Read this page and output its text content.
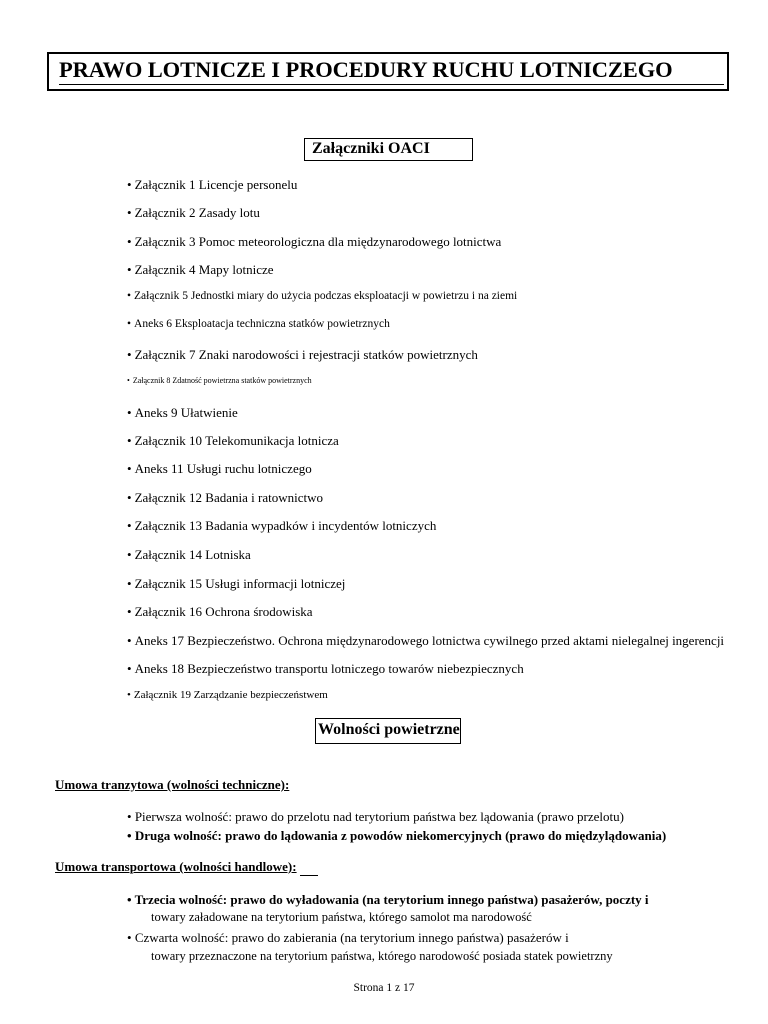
PRAWO LOTNICZE I PROCEDURY RUCHU LOTNICZEGO
Załączniki OACI
• Załącznik 1 Licencje personelu
• Załącznik 2 Zasady lotu
• Załącznik 3 Pomoc meteorologiczna dla międzynarodowego lotnictwa
• Załącznik 4 Mapy lotnicze
• Załącznik 5 Jednostki miary do użycia podczas eksploatacji w powietrzu i na ziemi
• Aneks 6 Eksploatacja techniczna statków powietrznych
• Załącznik 7 Znaki narodowości i rejestracji statków powietrznych
• Załącznik 8 Zdatność powietrzna statków powietrznych
• Aneks 9 Ułatwienie
• Załącznik 10 Telekomunikacja lotnicza
• Aneks 11 Usługi ruchu lotniczego
• Załącznik 12 Badania i ratownictwo
• Załącznik 13 Badania wypadków i incydentów lotniczych
• Załącznik 14 Lotniska
• Załącznik 15 Usługi informacji lotniczej
• Załącznik 16 Ochrona środowiska
• Aneks 17 Bezpieczeństwo. Ochrona międzynarodowego lotnictwa cywilnego przed aktami nielegalnej ingerencji
• Aneks 18 Bezpieczeństwo transportu lotniczego towarów niebezpiecznych
• Załącznik 19 Zarządzanie bezpieczeństwem
Wolności powietrzne
Umowa tranzytowa (wolności techniczne):
• Pierwsza wolność: prawo do przelotu nad terytorium państwa bez lądowania (prawo przelotu)
• Druga wolność: prawo do lądowania z powodów niekomercyjnych (prawo do międzylądowania)
Umowa transportowa (wolności handlowe):
• Trzecia wolność: prawo do wyładowania (na terytorium innego państwa) pasażerów, poczty i
towary załadowane na terytorium państwa, którego samolot ma narodowość
• Czwarta wolność: prawo do zabierania (na terytorium innego państwa) pasażerów i
towary przeznaczone na terytorium państwa, którego narodowość posiada statek powietrzny
Strona 1 z 17
